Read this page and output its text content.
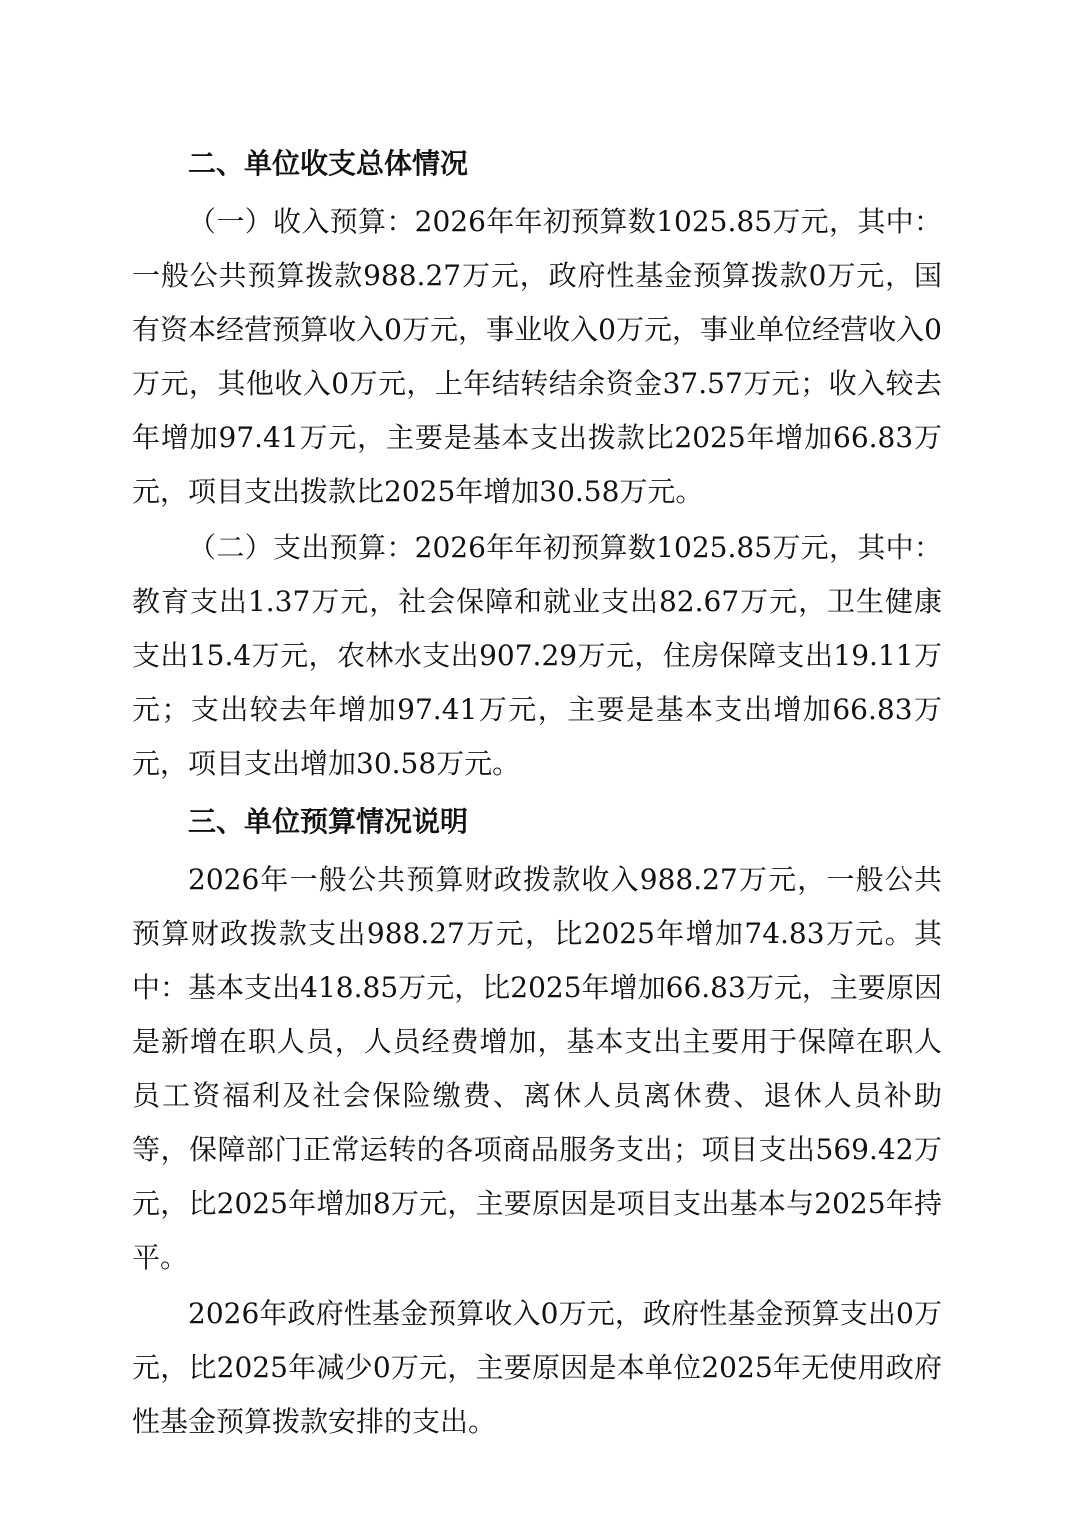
二、单位收支总体情况

（一）收入预算：2026年年初预算数1025.85万元，其中：一般公共预算拨款988.27万元，政府性基金预算拨款0万元，国有资本经营预算收入0万元，事业收入0万元，事业单位经营收入0万元，其他收入0万元，上年结转结余资金37.57万元；收入较去年增加97.41万元，主要是基本支出拨款比2025年增加66.83万元，项目支出拨款比2025年增加30.58万元。

（二）支出预算：2026年年初预算数1025.85万元，其中：教育支出1.37万元，社会保障和就业支出82.67万元，卫生健康支出15.4万元，农林水支出907.29万元，住房保障支出19.11万元；支出较去年增加97.41万元，主要是基本支出增加66.83万元，项目支出增加30.58万元。

三、单位预算情况说明

2026年一般公共预算财政拨款收入988.27万元，一般公共预算财政拨款支出988.27万元，比2025年增加74.83万元。其中：基本支出418.85万元，比2025年增加66.83万元，主要原因是新增在职人员，人员经费增加，基本支出主要用于保障在职人员工资福利及社会保险缴费、离休人员离休费、退休人员补助等，保障部门正常运转的各项商品服务支出；项目支出569.42万元，比2025年增加8万元，主要原因是项目支出基本与2025年持平。

2026年政府性基金预算收入0万元，政府性基金预算支出0万元，比2025年减少0万元，主要原因是本单位2025年无使用政府性基金预算拨款安排的支出。
